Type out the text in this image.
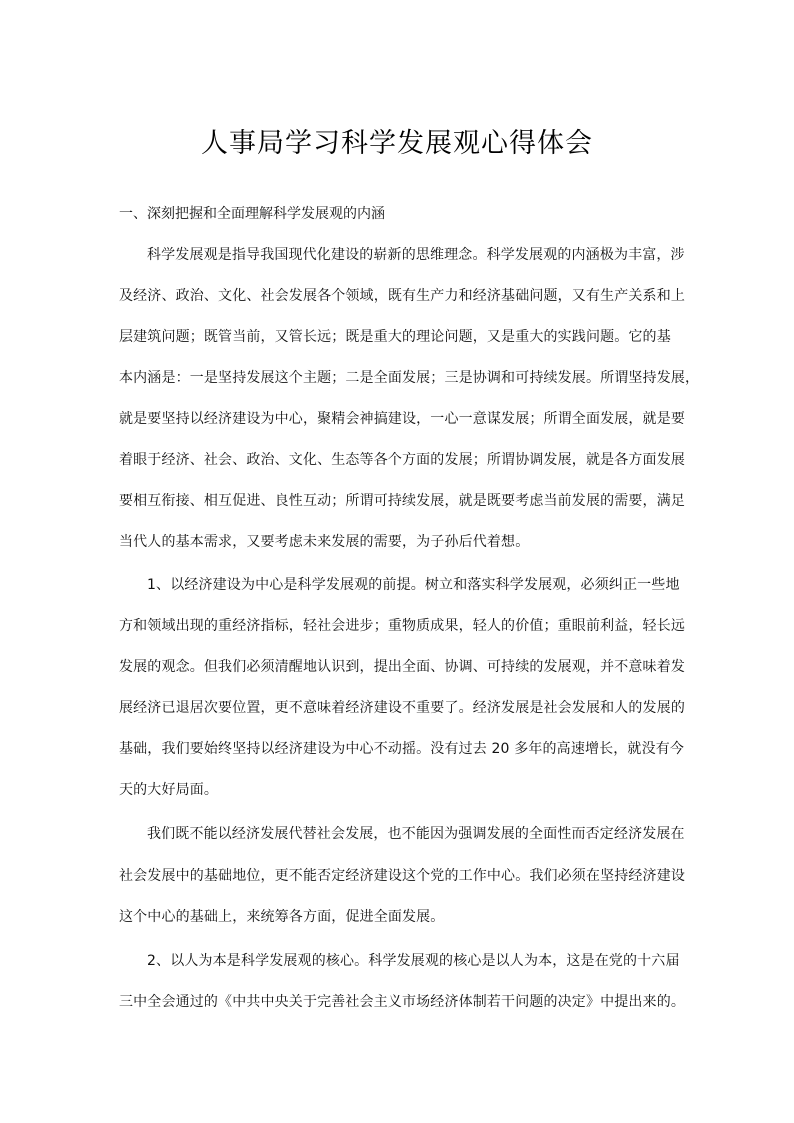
人事局学习科学发展观心得体会
一、深刻把握和全面理解科学发展观的内涵
科学发展观是指导我国现代化建设的崭新的思维理念。科学发展观的内涵极为丰富，涉
及经济、政治、文化、社会发展各个领域，既有生产力和经济基础问题，又有生产关系和上
层建筑问题；既管当前，又管长远；既是重大的理论问题，又是重大的实践问题。它的基
本内涵是：一是坚持发展这个主题；二是全面发展；三是协调和可持续发展。所谓坚持发展，
就是要坚持以经济建设为中心，聚精会神搞建设，一心一意谋发展；所谓全面发展，就是要
着眼于经济、社会、政治、文化、生态等各个方面的发展；所谓协调发展，就是各方面发展
要相互衔接、相互促进、良性互动；所谓可持续发展，就是既要考虑当前发展的需要，满足
当代人的基本需求，又要考虑未来发展的需要，为子孙后代着想。
1、以经济建设为中心是科学发展观的前提。树立和落实科学发展观，必须纠正一些地
方和领域出现的重经济指标，轻社会进步；重物质成果，轻人的价值；重眼前利益，轻长远
发展的观念。但我们必须清醒地认识到，提出全面、协调、可持续的发展观，并不意味着发
展经济已退居次要位置，更不意味着经济建设不重要了。经济发展是社会发展和人的发展的
基础，我们要始终坚持以经济建设为中心不动摇。没有过去 20 多年的高速增长，就没有今
天的大好局面。
我们既不能以经济发展代替社会发展，也不能因为强调发展的全面性而否定经济发展在
社会发展中的基础地位，更不能否定经济建设这个党的工作中心。我们必须在坚持经济建设
这个中心的基础上，来统筹各方面，促进全面发展。
2、以人为本是科学发展观的核心。科学发展观的核心是以人为本，这是在党的十六届
三中全会通过的《中共中央关于完善社会主义市场经济体制若干问题的决定》中提出来的。
